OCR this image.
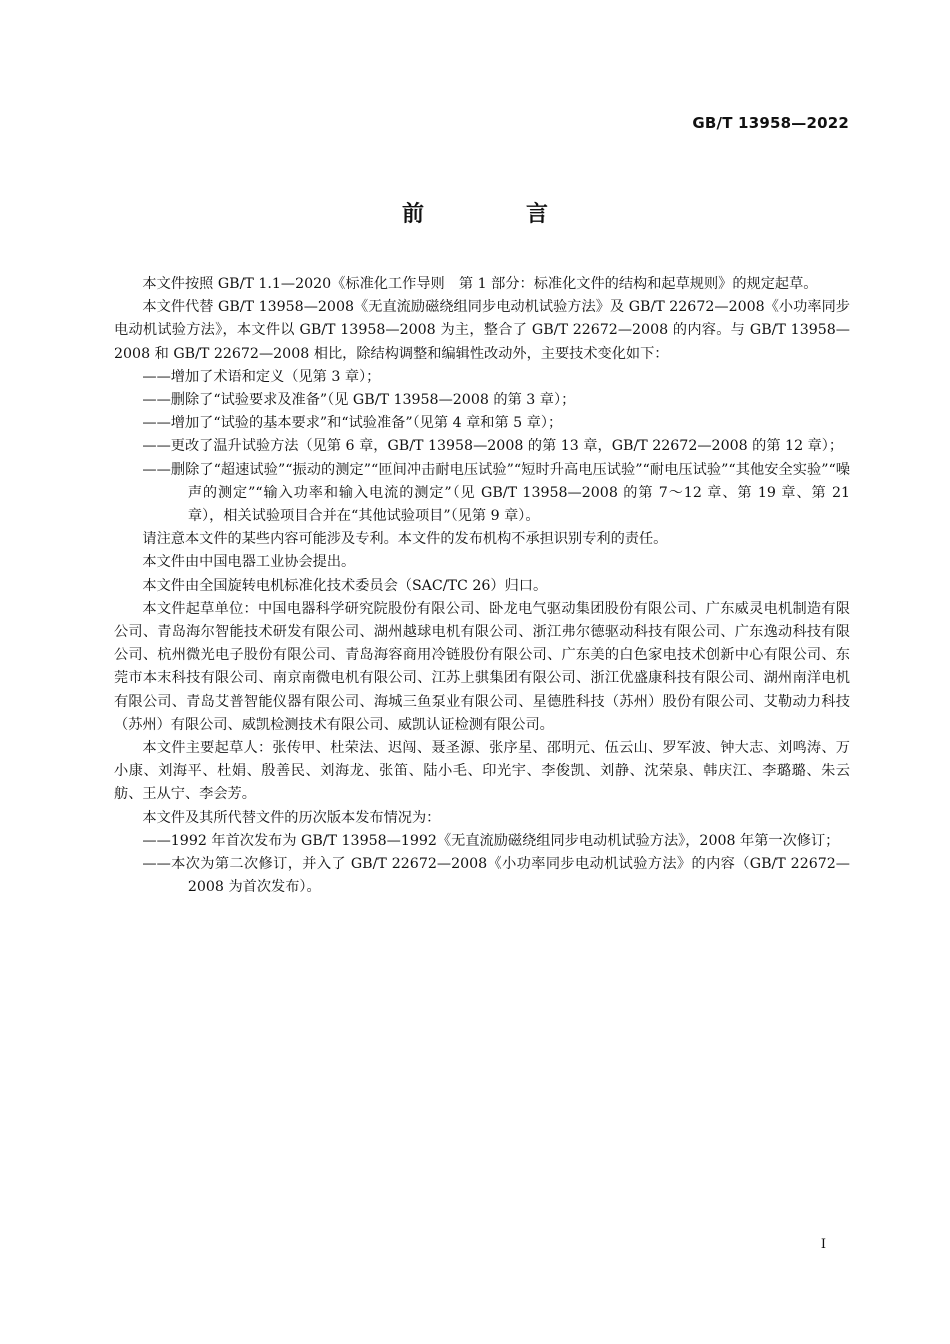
GB/T 13958—2022
前　言

本文件按照 GB/T 1.1—2020《标准化工作导则　第 1 部分：标准化文件的结构和起草规则》的规定起草。

本文件代替 GB/T 13958—2008《无直流励磁绕组同步电动机试验方法》及 GB/T 22672—2008《小功率同步电动机试验方法》，本文件以 GB/T 13958—2008 为主，整合了 GB/T 22672—2008 的内容。与 GB/T 13958—2008 和 GB/T 22672—2008 相比，除结构调整和编辑性改动外，主要技术变化如下：

——增加了术语和定义（见第 3 章）；

——删除了“试验要求及准备”（见 GB/T 13958—2008 的第 3 章）；

——增加了“试验的基本要求”和“试验准备”（见第 4 章和第 5 章）；

——更改了温升试验方法（见第 6 章，GB/T 13958—2008 的第 13 章，GB/T 22672—2008 的第 12 章）；

——删除了“超速试验”“振动的测定”“匝间冲击耐电压试验”“短时升高电压试验”“耐电压试验”“其他安全实验”“噪声的测定”“输入功率和输入电流的测定”（见 GB/T 13958—2008 的第 7～12 章、第 19 章、第 21 章），相关试验项目合并在“其他试验项目”（见第 9 章）。

请注意本文件的某些内容可能涉及专利。本文件的发布机构不承担识别专利的责任。

本文件由中国电器工业协会提出。

本文件由全国旋转电机标准化技术委员会（SAC/TC 26）归口。

本文件起草单位：中国电器科学研究院股份有限公司、卧龙电气驱动集团股份有限公司、广东威灵电机制造有限公司、青岛海尔智能技术研发有限公司、湖州越球电机有限公司、浙江弗尔德驱动科技有限公司、广东逸动科技有限公司、杭州微光电子股份有限公司、青岛海容商用冷链股份有限公司、广东美的白色家电技术创新中心有限公司、东莞市本末科技有限公司、南京南微电机有限公司、江苏上骐集团有限公司、浙江优盛康科技有限公司、湖州南洋电机有限公司、青岛艾普智能仪器有限公司、海城三鱼泵业有限公司、星德胜科技（苏州）股份有限公司、艾勒动力科技（苏州）有限公司、威凯检测技术有限公司、威凯认证检测有限公司。

本文件主要起草人：张传甲、杜荣法、迟闯、聂圣源、张序星、邵明元、伍云山、罗军波、钟大志、刘鸣涛、万小康、刘海平、杜娟、殷善民、刘海龙、张笛、陆小毛、印光宇、李俊凯、刘静、沈荣泉、韩庆江、李璐璐、朱云舫、王从宁、李会芳。

本文件及其所代替文件的历次版本发布情况为：

——1992 年首次发布为 GB/T 13958—1992《无直流励磁绕组同步电动机试验方法》，2008 年第一次修订；

——本次为第二次修订，并入了 GB/T 22672—2008《小功率同步电动机试验方法》的内容（GB/T 22672—2008 为首次发布）。

I
